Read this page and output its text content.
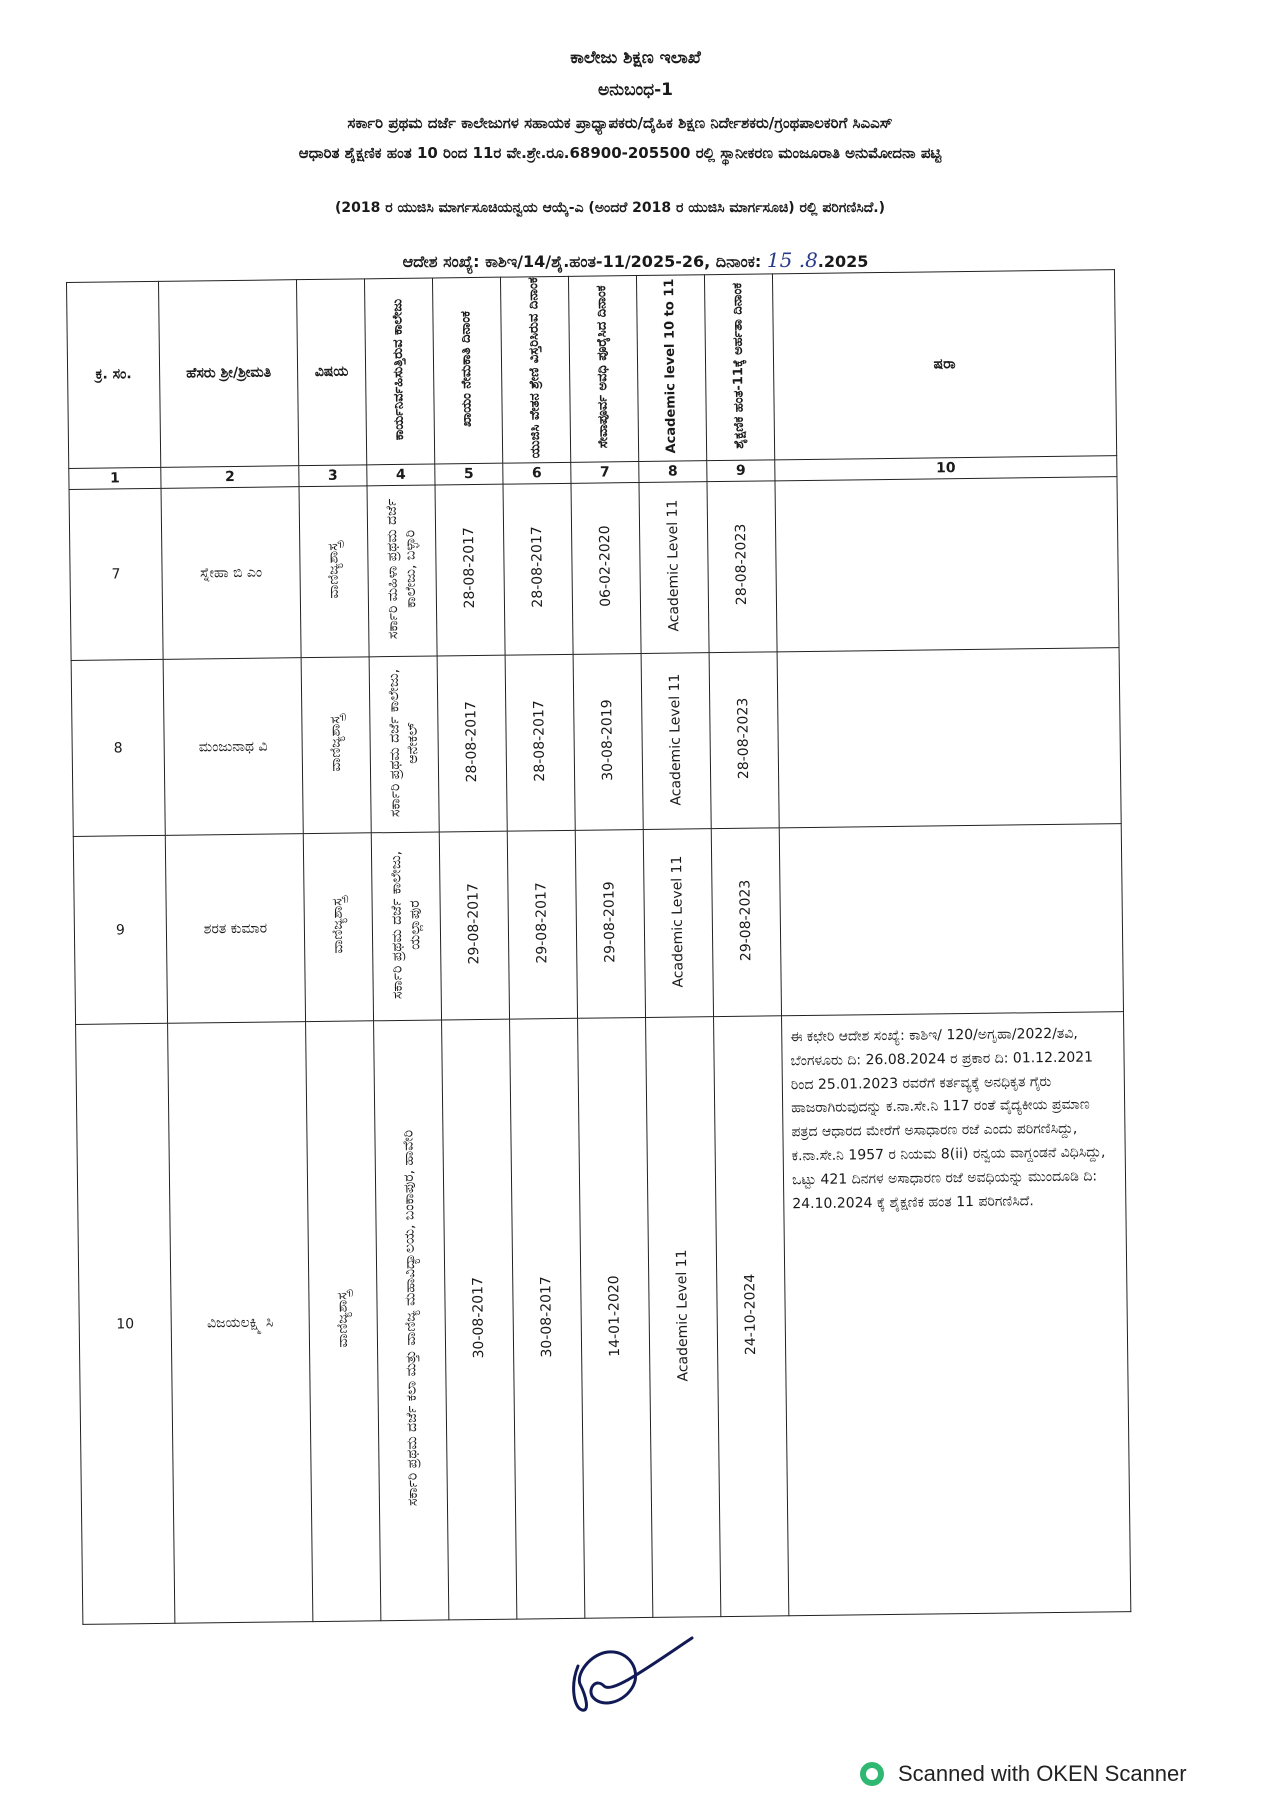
ಕಾಲೇಜು ಶಿಕ್ಷಣ ಇಲಾಖೆ
ಅನುಬಂಧ-1
ಸರ್ಕಾರಿ ಪ್ರಥಮ ದರ್ಜೆ ಕಾಲೇಜುಗಳ ಸಹಾಯಕ ಪ್ರಾಧ್ಯಾಪಕರು/ದೈಹಿಕ ಶಿಕ್ಷಣ ನಿರ್ದೇಶಕರು/ಗ್ರಂಥಪಾಲಕರಿಗೆ ಸಿಎಎಸ್
ಆಧಾರಿತ ಶೈಕ್ಷಣಿಕ ಹಂತ 10 ರಿಂದ 11ರ ವೇ.ಶ್ರೇ.ರೂ.68900-205500 ರಲ್ಲಿ ಸ್ಥಾನೀಕರಣ ಮಂಜೂರಾತಿ ಅನುಮೋದನಾ ಪಟ್ಟಿ
(2018 ರ ಯುಜಿಸಿ ಮಾರ್ಗಸೂಚಿಯನ್ವಯ ಆಯ್ಕೆ-ಎ (ಅಂದರೆ 2018 ರ ಯುಜಿಸಿ ಮಾರ್ಗಸೂಚಿ) ರಲ್ಲಿ ಪರಿಗಣಿಸಿದೆ.)
ಆದೇಶ ಸಂಖ್ಯೆ: ಕಾಶಿಇ/14/ಶೈ.ಹಂತ-11/2025-26, ದಿನಾಂಕ: 15 .8.2025
ಕ್ರ. ಸಂ.	ಹೆಸರು ಶ್ರೀ/ಶ್ರೀಮತಿ	ವಿಷಯ	ಕಾರ್ಯನಿರ್ವಹಿಸುತ್ತಿರುವ ಕಾಲೇಜು	ಖಾಯಂ ನೇಮಕಾತಿ ದಿನಾಂಕ	ಯುಜಿಸಿ ವೇತನ ಶ್ರೇಣಿ ವಿಸ್ತರಿಸಿರುವ ದಿನಾಂಕ	ಸೇವಾಪೂರ್ವ ಅವಧಿ ಪೂರೈಸಿದ ದಿನಾಂಕ	Academic level 10 to 11	ಶೈಕ್ಷಣಿಕ ಹಂತ-11ಕ್ಕೆ ಅರ್ಹತಾ ದಿನಾಂಕ	ಷರಾ
1	2	3	4	5	6	7	8	9	10
7	ಸ್ನೇಹಾ ಬಿ ಎಂ	ವಾಣಿಜ್ಯಶಾಸ್ತ್ರ	ಸರ್ಕಾರಿ ಮಹಿಳಾ ಪ್ರಥಮ ದರ್ಜೆ ಕಾಲೇಜು, ಬಳ್ಳಾರಿ	28-08-2017	28-08-2017	06-02-2020	Academic Level 11	28-08-2023	
8	ಮಂಜುನಾಥ ವಿ	ವಾಣಿಜ್ಯಶಾಸ್ತ್ರ	ಸರ್ಕಾರಿ ಪ್ರಥಮ ದರ್ಜೆ ಕಾಲೇಜು, ಆನೇಕಲ್	28-08-2017	28-08-2017	30-08-2019	Academic Level 11	28-08-2023	
9	ಶರತ ಕುಮಾರ	ವಾಣಿಜ್ಯಶಾಸ್ತ್ರ	ಸರ್ಕಾರಿ ಪ್ರಥಮ ದರ್ಜೆ ಕಾಲೇಜು, ಯಲ್ಲಾಪುರ	29-08-2017	29-08-2017	29-08-2019	Academic Level 11	29-08-2023	
10	ವಿಜಯಲಕ್ಷ್ಮಿ ಸಿ	ವಾಣಿಜ್ಯಶಾಸ್ತ್ರ	ಸರ್ಕಾರಿ ಪ್ರಥಮ ದರ್ಜೆ ಕಲಾ ಮತ್ತು ವಾಣಿಜ್ಯ ಮಹಾವಿದ್ಯಾಲಯ, ಬಂಕಾಪುರ, ಹಾವೇರಿ	30-08-2017	30-08-2017	14-01-2020	Academic Level 11	24-10-2024	ಈ ಕಛೇರಿ ಆದೇಶ ಸಂಖ್ಯೆ: ಕಾಶಿಇ/ 120/ಅಗೃಹಾ/2022/ತವಿ, ಬೆಂಗಳೂರು ದಿ: 26.08.2024 ರ ಪ್ರಕಾರ ದಿ: 01.12.2021 ರಿಂದ 25.01.2023 ರವರೆಗೆ ಕರ್ತವ್ಯಕ್ಕೆ ಅನಧಿಕೃತ ಗೈರು ಹಾಜರಾಗಿರುವುದನ್ನು ಕ.ನಾ.ಸೇ.ನಿ 117 ರಂತೆ ವೈದ್ಯಕೀಯ ಪ್ರಮಾಣ ಪತ್ರದ ಆಧಾರದ ಮೇರೆಗೆ ಅಸಾಧಾರಣ ರಜೆ ಎಂದು ಪರಿಗಣಿಸಿದ್ದು, ಕ.ನಾ.ಸೇ.ನಿ 1957 ರ ನಿಯಮ 8(ii) ರನ್ವಯ ವಾಗ್ದಂಡನೆ ವಿಧಿಸಿದ್ದು, ಒಟ್ಟು 421 ದಿನಗಳ ಅಸಾಧಾರಣ ರಜೆ ಅವಧಿಯನ್ನು ಮುಂದೂಡಿ ದಿ: 24.10.2024 ಕ್ಕೆ ಶೈಕ್ಷಣಿಕ ಹಂತ 11 ಪರಿಗಣಿಸಿದೆ.
Scanned with OKEN Scanner
